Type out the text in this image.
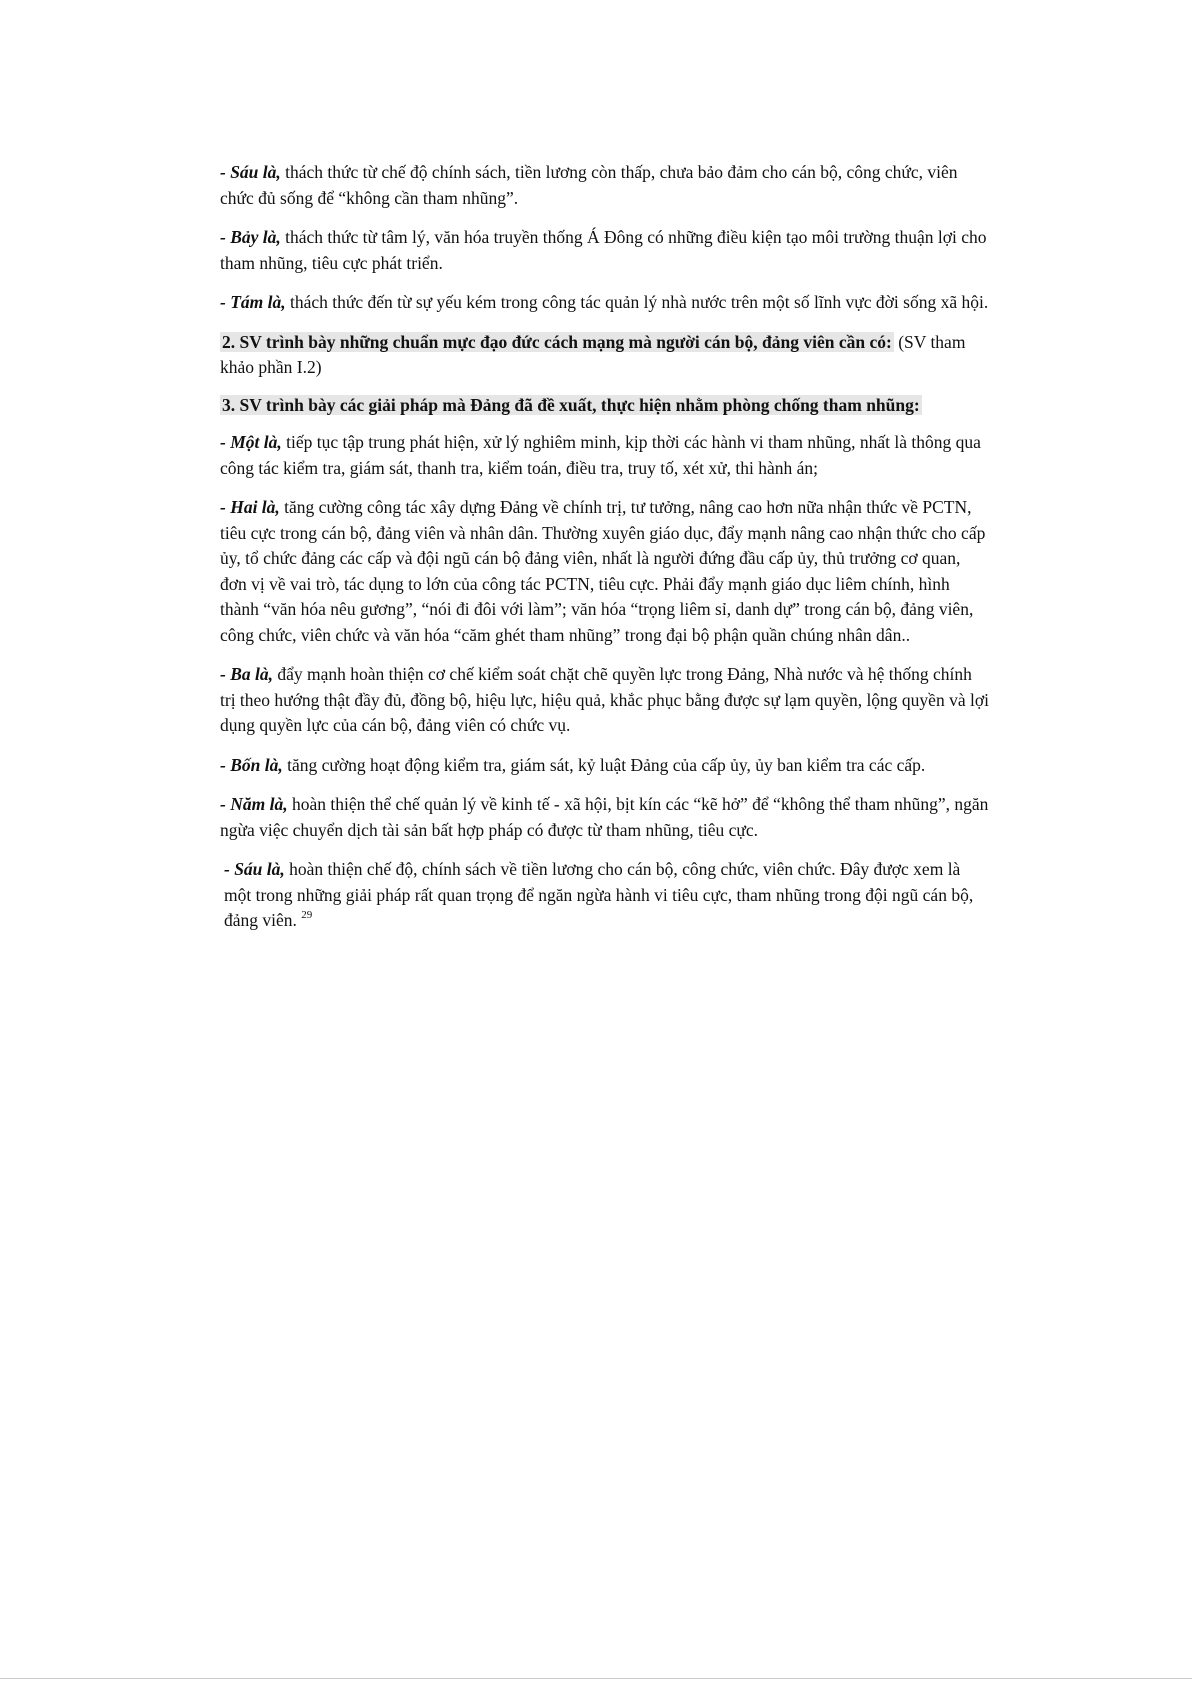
- Sáu là, thách thức từ chế độ chính sách, tiền lương còn thấp, chưa bảo đảm cho cán bộ, công chức, viên chức đủ sống để “không cần tham nhũng”.

- Bảy là, thách thức từ tâm lý, văn hóa truyền thống Á Đông có những điều kiện tạo môi trường thuận lợi cho tham nhũng, tiêu cực phát triển.

- Tám là, thách thức đến từ sự yếu kém trong công tác quản lý nhà nước trên một số lĩnh vực đời sống xã hội.

2. SV trình bày những chuẩn mực đạo đức cách mạng mà người cán bộ, đảng viên cần có: (SV tham khảo phần I.2)

3. SV trình bày các giải pháp mà Đảng đã đề xuất, thực hiện nhằm phòng chống tham nhũng:

- Một là, tiếp tục tập trung phát hiện, xử lý nghiêm minh, kịp thời các hành vi tham nhũng, nhất là thông qua công tác kiểm tra, giám sát, thanh tra, kiểm toán, điều tra, truy tố, xét xử, thi hành án;

- Hai là, tăng cường công tác xây dựng Đảng về chính trị, tư tưởng, nâng cao hơn nữa nhận thức về PCTN, tiêu cực trong cán bộ, đảng viên và nhân dân. Thường xuyên giáo dục, đẩy mạnh nâng cao nhận thức cho cấp ủy, tổ chức đảng các cấp và đội ngũ cán bộ đảng viên, nhất là người đứng đầu cấp ủy, thủ trưởng cơ quan, đơn vị về vai trò, tác dụng to lớn của công tác PCTN, tiêu cực. Phải đẩy mạnh giáo dục liêm chính, hình thành “văn hóa nêu gương”, “nói đi đôi với làm”; văn hóa “trọng liêm sỉ, danh dự” trong cán bộ, đảng viên, công chức, viên chức và văn hóa “căm ghét tham nhũng” trong đại bộ phận quần chúng nhân dân..

- Ba là, đẩy mạnh hoàn thiện cơ chế kiểm soát chặt chẽ quyền lực trong Đảng, Nhà nước và hệ thống chính trị theo hướng thật đầy đủ, đồng bộ, hiệu lực, hiệu quả, khắc phục bằng được sự lạm quyền, lộng quyền và lợi dụng quyền lực của cán bộ, đảng viên có chức vụ.

- Bốn là, tăng cường hoạt động kiểm tra, giám sát, kỷ luật Đảng của cấp ủy, ủy ban kiểm tra các cấp.

- Năm là, hoàn thiện thể chế quản lý về kinh tế - xã hội, bịt kín các “kẽ hở” để “không thể tham nhũng”, ngăn ngừa việc chuyển dịch tài sản bất hợp pháp có được từ tham nhũng, tiêu cực.

- Sáu là, hoàn thiện chế độ, chính sách về tiền lương cho cán bộ, công chức, viên chức. Đây được xem là một trong những giải pháp rất quan trọng để ngăn ngừa hành vi tiêu cực, tham nhũng trong đội ngũ cán bộ, đảng viên. $^{29}$
